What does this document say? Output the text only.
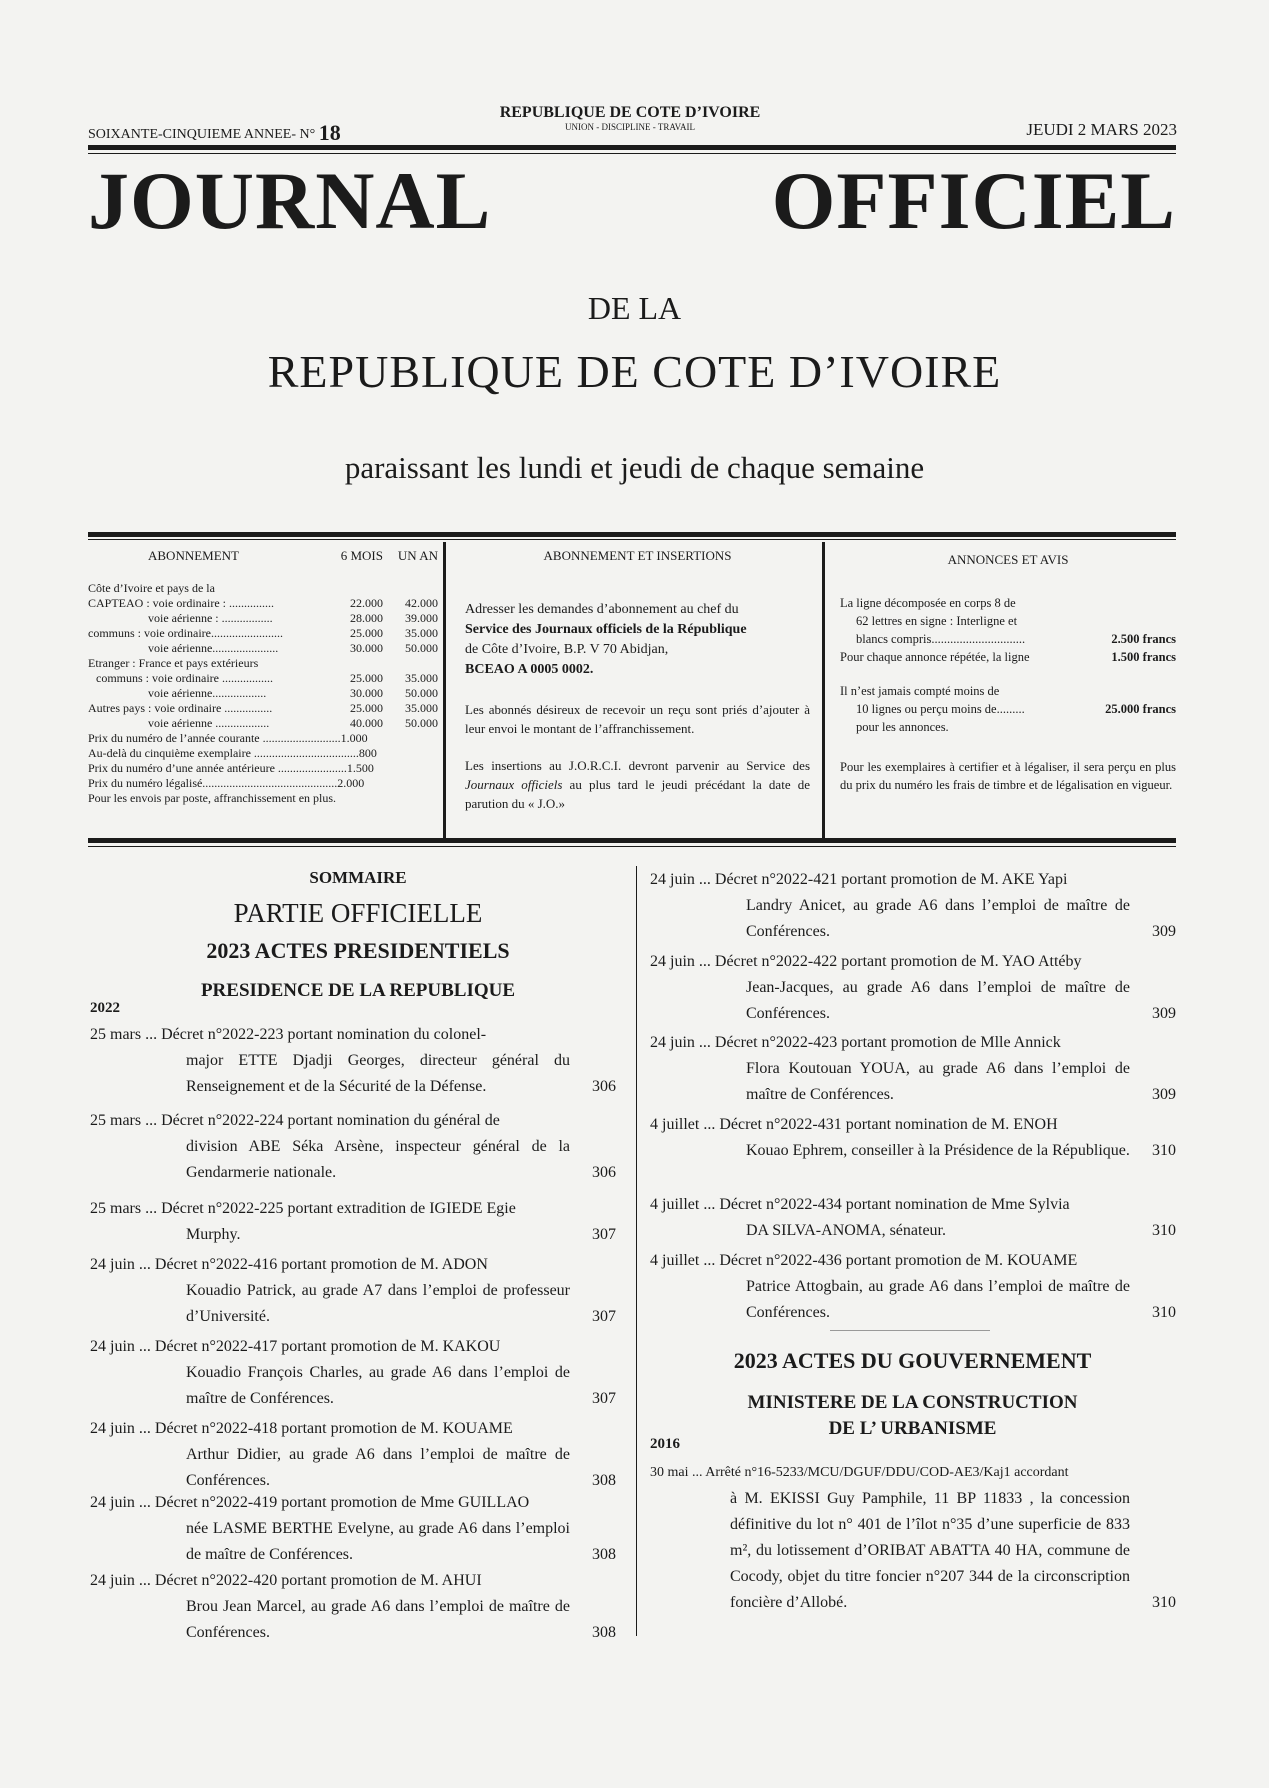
SOIXANTE-CINQUIEME ANNEE- N° 18
REPUBLIQUE DE COTE D’IVOIRE
UNION - DISCIPLINE - TRAVAIL	JEUDI 2 MARS 2023
JOURNAL	OFFICIEL
DE LA
REPUBLIQUE DE COTE D’IVOIRE
paraissant les lundi et jeudi de chaque semaine
ABONNEMENT	6 MOIS	UN AN
Côte d’Ivoire et pays de la
CAPTEAO : voie ordinaire : ...............	22.000	42.000
voie aérienne : .................	28.000	39.000
communs : voie ordinaire........................	25.000	35.000
voie aérienne......................	30.000	50.000
Etranger : France et pays extérieurs
communs : voie ordinaire .................	25.000	35.000
voie aérienne..................	30.000	50.000
Autres pays : voie ordinaire ................	25.000	35.000
voie aérienne ..................	40.000	50.000
Prix du numéro de l’année courante ..........................1.000
Au-delà du cinquième exemplaire ...................................800
Prix du numéro d’une année antérieure .......................1.500
Prix du numéro légalisé.............................................2.000
Pour les envois par poste, affranchissement en plus.
ABONNEMENT ET INSERTIONS

Adresser les demandes d’abonnement au chef du
Service des Journaux officiels de la République
de Côte d’Ivoire, B.P. V 70 Abidjan,
BCEAO A 0005 0002.

Les abonnés désireux de recevoir un reçu sont priés d’ajouter à leur envoi le montant de l’affranchissement.

Les insertions au J.O.R.C.I. devront parvenir au Service des Journaux officiels au plus tard le jeudi précédant la date de parution du « J.O.»

ANNONCES ET AVIS
La ligne décomposée en corps 8 de
62 lettres en signe : Interligne et
blancs compris..............................	2.500 francs
Pour chaque annonce répétée, la ligne	1.500 francs
Il n’est jamais compté moins de
10 lignes ou perçu moins de.........	25.000 francs
pour les annonces.
Pour les exemplaires à certifier et à légaliser, il sera perçu en plus du prix du numéro les frais de timbre et de légalisation en vigueur.
SOMMAIRE
PARTIE OFFICIELLE
2023 ACTES PRESIDENTIELS
PRESIDENCE DE LA REPUBLIQUE
2022
25 mars ... Décret n°2022-223 portant nomination du colonel-
major ETTE Djadji Georges, directeur général du Renseignement et de la Sécurité de la Défense.	306
25 mars ... Décret n°2022-224 portant nomination du général de
division ABE Séka Arsène, inspecteur général de la Gendarmerie nationale.	306
25 mars ... Décret n°2022-225 portant extradition de IGIEDE Egie
Murphy.	307
24 juin ... Décret n°2022-416 portant promotion de M. ADON
Kouadio Patrick, au grade A7 dans l’emploi de professeur d’Université.	307
24 juin ... Décret n°2022-417 portant promotion de M. KAKOU
Kouadio François Charles, au grade A6 dans l’emploi de maître de Conférences.	307
24 juin ... Décret n°2022-418 portant promotion de M. KOUAME
Arthur Didier, au grade A6 dans l’emploi de maître de Conférences.	308
24 juin ... Décret n°2022-419 portant promotion de Mme GUILLAO
née LASME BERTHE Evelyne, au grade A6 dans l’emploi de maître de Conférences.	308
24 juin ... Décret n°2022-420 portant promotion de M. AHUI
Brou Jean Marcel, au grade A6 dans l’emploi de maître de Conférences.	308
24 juin ... Décret n°2022-421 portant promotion de M. AKE Yapi
Landry Anicet, au grade A6 dans l’emploi de maître de Conférences.	309
24 juin ... Décret n°2022-422 portant promotion de M. YAO Attéby
Jean-Jacques, au grade A6 dans l’emploi de maître de Conférences.	309
24 juin ... Décret n°2022-423 portant promotion de Mlle Annick
Flora Koutouan YOUA, au grade A6 dans l’emploi de maître de Conférences.	309
4 juillet ... Décret n°2022-431 portant nomination de M. ENOH
Kouao Ephrem, conseiller à la Présidence de la République. 310
4 juillet ... Décret n°2022-434 portant nomination de Mme Sylvia
DA SILVA-ANOMA, sénateur.	310
4 juillet ... Décret n°2022-436 portant promotion de M. KOUAME
Patrice Attogbain, au grade A6 dans l’emploi de maître de Conférences.	310
2023 ACTES DU GOUVERNEMENT
MINISTERE DE LA CONSTRUCTION
DE L’ URBANISME
2016
30 mai ... Arrêté n°16-5233/MCU/DGUF/DDU/COD-AE3/Kaj1 accordant
à M. EKISSI Guy Pamphile, 11 BP 11833 , la concession définitive du lot n° 401 de l’îlot n°35 d’une superficie de 833 m², du lotissement d’ORIBAT ABATTA 40 HA, commune de Cocody, objet du titre foncier n°207 344 de la circonscription foncière d’Allobé.	310
